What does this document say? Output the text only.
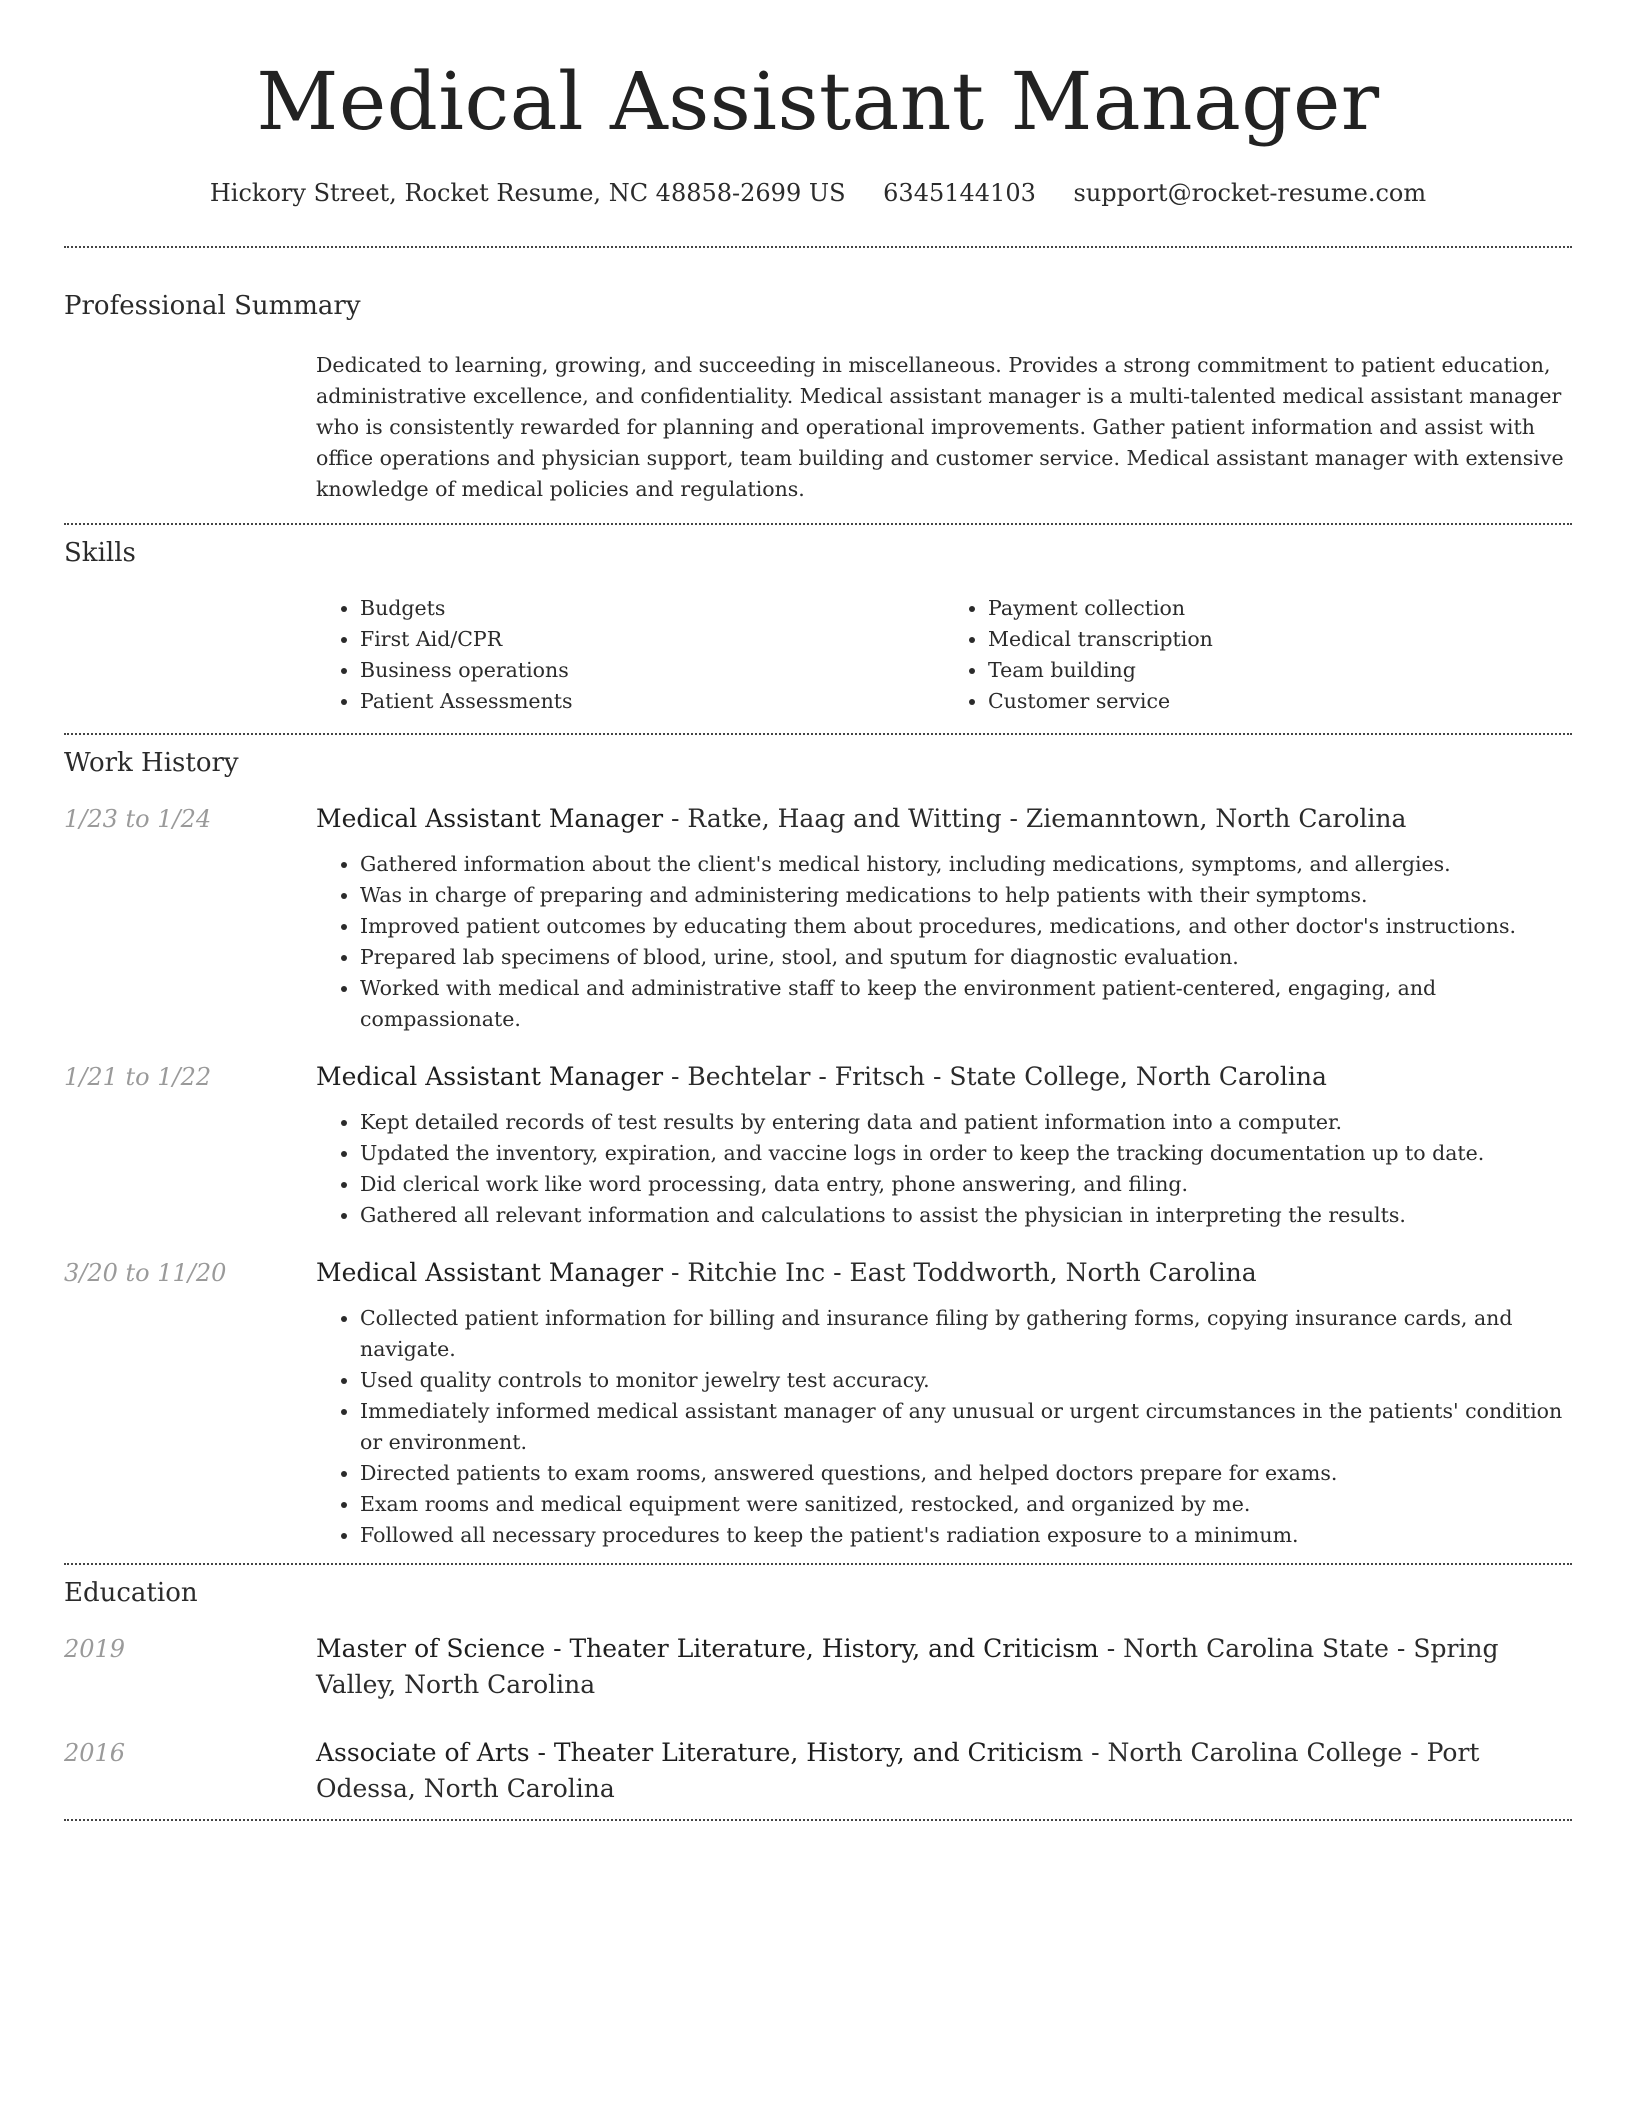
Medical Assistant Manager
Hickory Street, Rocket Resume, NC 48858-2699 US 6345144103 support@rocket-resume.com
Professional Summary

Dedicated to learning, growing, and succeeding in miscellaneous. Provides a strong commitment to patient education, administrative excellence, and confidentiality. Medical assistant manager is a multi-talented medical assistant manager who is consistently rewarded for planning and operational improvements. Gather patient information and assist with office operations and physician support, team building and customer service. Medical assistant manager with extensive knowledge of medical policies and regulations.

Skills
• Budgets
• First Aid/CPR
• Business operations
• Patient Assessments
• Payment collection
• Medical transcription
• Team building
• Customer service
Work History
1/23 to 1/24	Medical Assistant Manager - Ratke, Haag and Witting - Ziemanntown, North Carolina

• Gathered information about the client's medical history, including medications, symptoms, and allergies.
• Was in charge of preparing and administering medications to help patients with their symptoms.
• Improved patient outcomes by educating them about procedures, medications, and other doctor's instructions.
• Prepared lab specimens of blood, urine, stool, and sputum for diagnostic evaluation.
• Worked with medical and administrative staff to keep the environment patient-centered, engaging, and compassionate.
1/21 to 1/22	Medical Assistant Manager - Bechtelar - Fritsch - State College, North Carolina

• Kept detailed records of test results by entering data and patient information into a computer.
• Updated the inventory, expiration, and vaccine logs in order to keep the tracking documentation up to date.
• Did clerical work like word processing, data entry, phone answering, and filing.
• Gathered all relevant information and calculations to assist the physician in interpreting the results.
3/20 to 11/20	Medical Assistant Manager - Ritchie Inc - East Toddworth, North Carolina

• Collected patient information for billing and insurance filing by gathering forms, copying insurance cards, and navigate.
• Used quality controls to monitor jewelry test accuracy.
• Immediately informed medical assistant manager of any unusual or urgent circumstances in the patients' condition or environment.
• Directed patients to exam rooms, answered questions, and helped doctors prepare for exams.
• Exam rooms and medical equipment were sanitized, restocked, and organized by me.
• Followed all necessary procedures to keep the patient's radiation exposure to a minimum.
Education
2019	Master of Science - Theater Literature, History, and Criticism - North Carolina State - Spring Valley, North Carolina

2016	Associate of Arts - Theater Literature, History, and Criticism - North Carolina College - Port Odessa, North Carolina
